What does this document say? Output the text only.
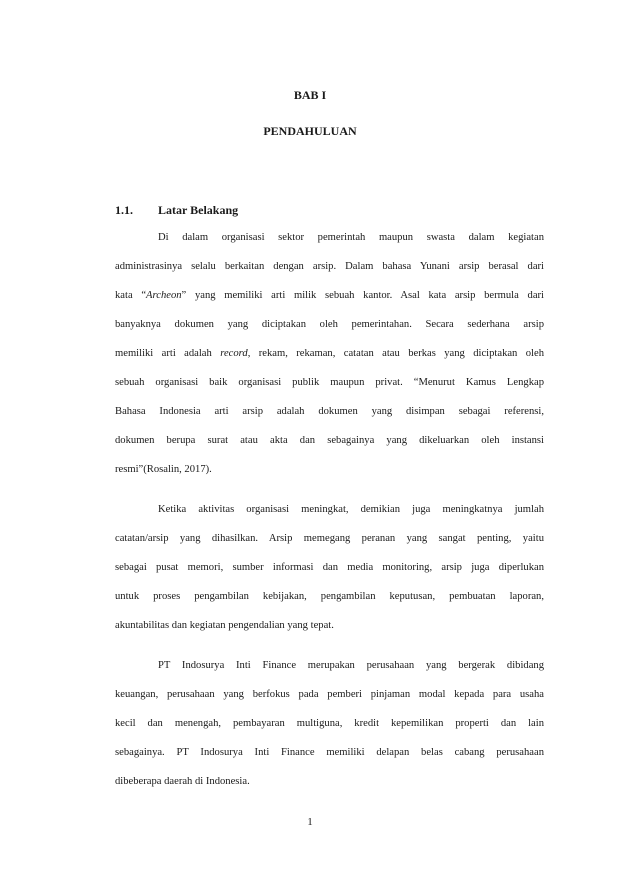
BAB I
PENDAHULUAN
1.1. Latar Belakang
Di dalam organisasi sektor pemerintah maupun swasta dalam kegiatan
administrasinya selalu berkaitan dengan arsip. Dalam bahasa Yunani arsip berasal dari
kata “Archeon” yang memiliki arti milik sebuah kantor. Asal kata arsip bermula dari
banyaknya dokumen yang diciptakan oleh pemerintahan. Secara sederhana arsip
memiliki arti adalah record, rekam, rekaman, catatan atau berkas yang diciptakan oleh
sebuah organisasi baik organisasi publik maupun privat. “Menurut Kamus Lengkap
Bahasa Indonesia arti arsip adalah dokumen yang disimpan sebagai referensi,
dokumen berupa surat atau akta dan sebagainya yang dikeluarkan oleh instansi
resmi”(Rosalin, 2017).
Ketika aktivitas organisasi meningkat, demikian juga meningkatnya jumlah
catatan/arsip yang dihasilkan. Arsip memegang peranan yang sangat penting, yaitu
sebagai pusat memori, sumber informasi dan media monitoring, arsip juga diperlukan
untuk proses pengambilan kebijakan, pengambilan keputusan, pembuatan laporan,
akuntabilitas dan kegiatan pengendalian yang tepat.
PT Indosurya Inti Finance merupakan perusahaan yang bergerak dibidang
keuangan, perusahaan yang berfokus pada pemberi pinjaman modal kepada para usaha
kecil dan menengah, pembayaran multiguna, kredit kepemilikan properti dan lain
sebagainya. PT Indosurya Inti Finance memiliki delapan belas cabang perusahaan
dibeberapa daerah di Indonesia.
1
